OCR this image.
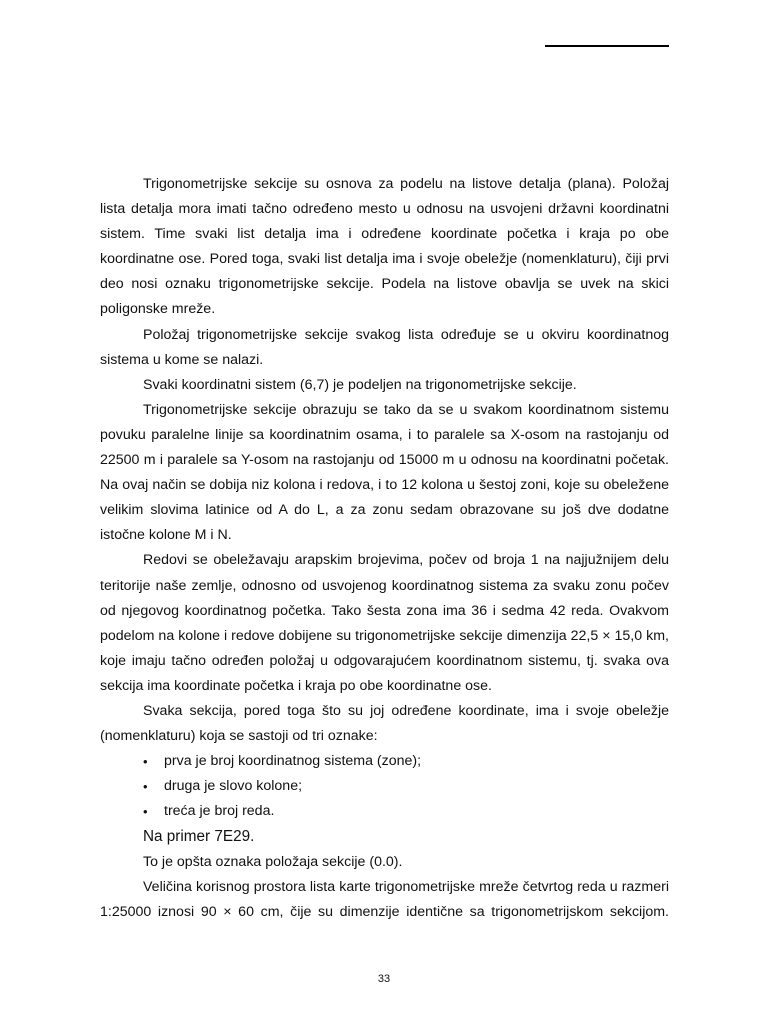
Trigonometrijske sekcije su osnova za podelu na listove detalja (plana). Položaj lista detalja mora imati tačno određeno mesto u odnosu na usvojeni državni koordinatni sistem. Time svaki list detalja ima i određene koordinate početka i kraja po obe koordinatne ose. Pored toga, svaki list detalja ima i svoje obeležje (nomenklaturu), čiji prvi deo nosi oznaku trigonometrijske sekcije. Podela na listove obavlja se uvek na skici poligonske mreže.

Položaj trigonometrijske sekcije svakog lista određuje se u okviru koordinatnog sistema u kome se nalazi.

Svaki koordinatni sistem (6,7) je podeljen na trigonometrijske sekcije.

Trigonometrijske sekcije obrazuju se tako da se u svakom koordinatnom sistemu povuku paralelne linije sa koordinatnim osama, i to paralele sa X-osom na rastojanju od 22500 m i paralele sa Y-osom na rastojanju od 15000 m u odnosu na koordinatni početak. Na ovaj način se dobija niz kolona i redova, i to 12 kolona u šestoj zoni, koje su obeležene velikim slovima latinice od A do L, a za zonu sedam obrazovane su još dve dodatne istočne kolone M i N.

Redovi se obeležavaju arapskim brojevima, počev od broja 1 na najjužnijem delu teritorije naše zemlje, odnosno od usvojenog koordinatnog sistema za svaku zonu počev od njegovog koordinatnog početka. Tako šesta zona ima 36 i sedma 42 reda. Ovakvom podelom na kolone i redove dobijene su trigonometrijske sekcije dimenzija 22,5 × 15,0 km, koje imaju tačno određen položaj u odgovarajućem koordinatnom sistemu, tj. svaka ova sekcija ima koordinate početka i kraja po obe koordinatne ose.

Svaka sekcija, pored toga što su joj određene koordinate, ima i svoje obeležje (nomenklaturu) koja se sastoji od tri oznake:

• prva je broj koordinatnog sistema (zone);
• druga je slovo kolone;
• treća je broj reda.

Na primer 7E29.

To je opšta oznaka položaja sekcije (0.0).

Veličina korisnog prostora lista karte trigonometrijske mreže četvrtog reda u razmeri 1:25000 iznosi 90 × 60 cm, čije su dimenzije identične sa trigonometrijskom sekcijom.

33
